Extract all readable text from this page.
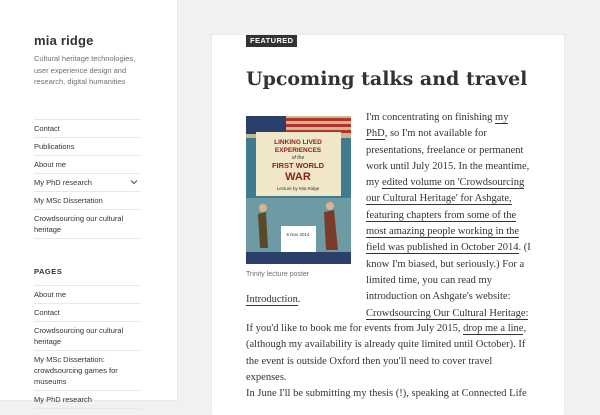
mia ridge
Cultural heritage technologies, user experience design and research, digital humanities
Contact
Publications
About me
My PhD research
My MSc Dissertation
Crowdsourcing our cultural heritage
PAGES
About me
Contact
Crowdsourcing our cultural heritage
My MSc Dissertation: crowdsourcing games for museums
My PhD research
FEATURED
Upcoming talks and travel
LINKING LIVED
EXPERIENCES
of the
FIRST WORLD
WAR
Lecture by Mia Ridge
6 Nov 2014
Trinity lecture poster

I'm concentrating on finishing my PhD, so I'm not available for presentations, freelance or permanent work until July 2015. In the meantime, my edited volume on 'Crowdsourcing our Cultural Heritage' for Ashgate, featuring chapters from some of the most amazing people working in the field was published in October 2014. (I know I'm biased, but seriously.) For a limited time, you can read my introduction on Ashgate's website: Crowdsourcing Our Cultural Heritage:

Introduction.

If you'd like to book me for events from July 2015, drop me a line, (although my availability is already quite limited until October). If the event is outside Oxford then you'll need to cover travel expenses.

In June I'll be submitting my thesis (!), speaking at Connected Life
